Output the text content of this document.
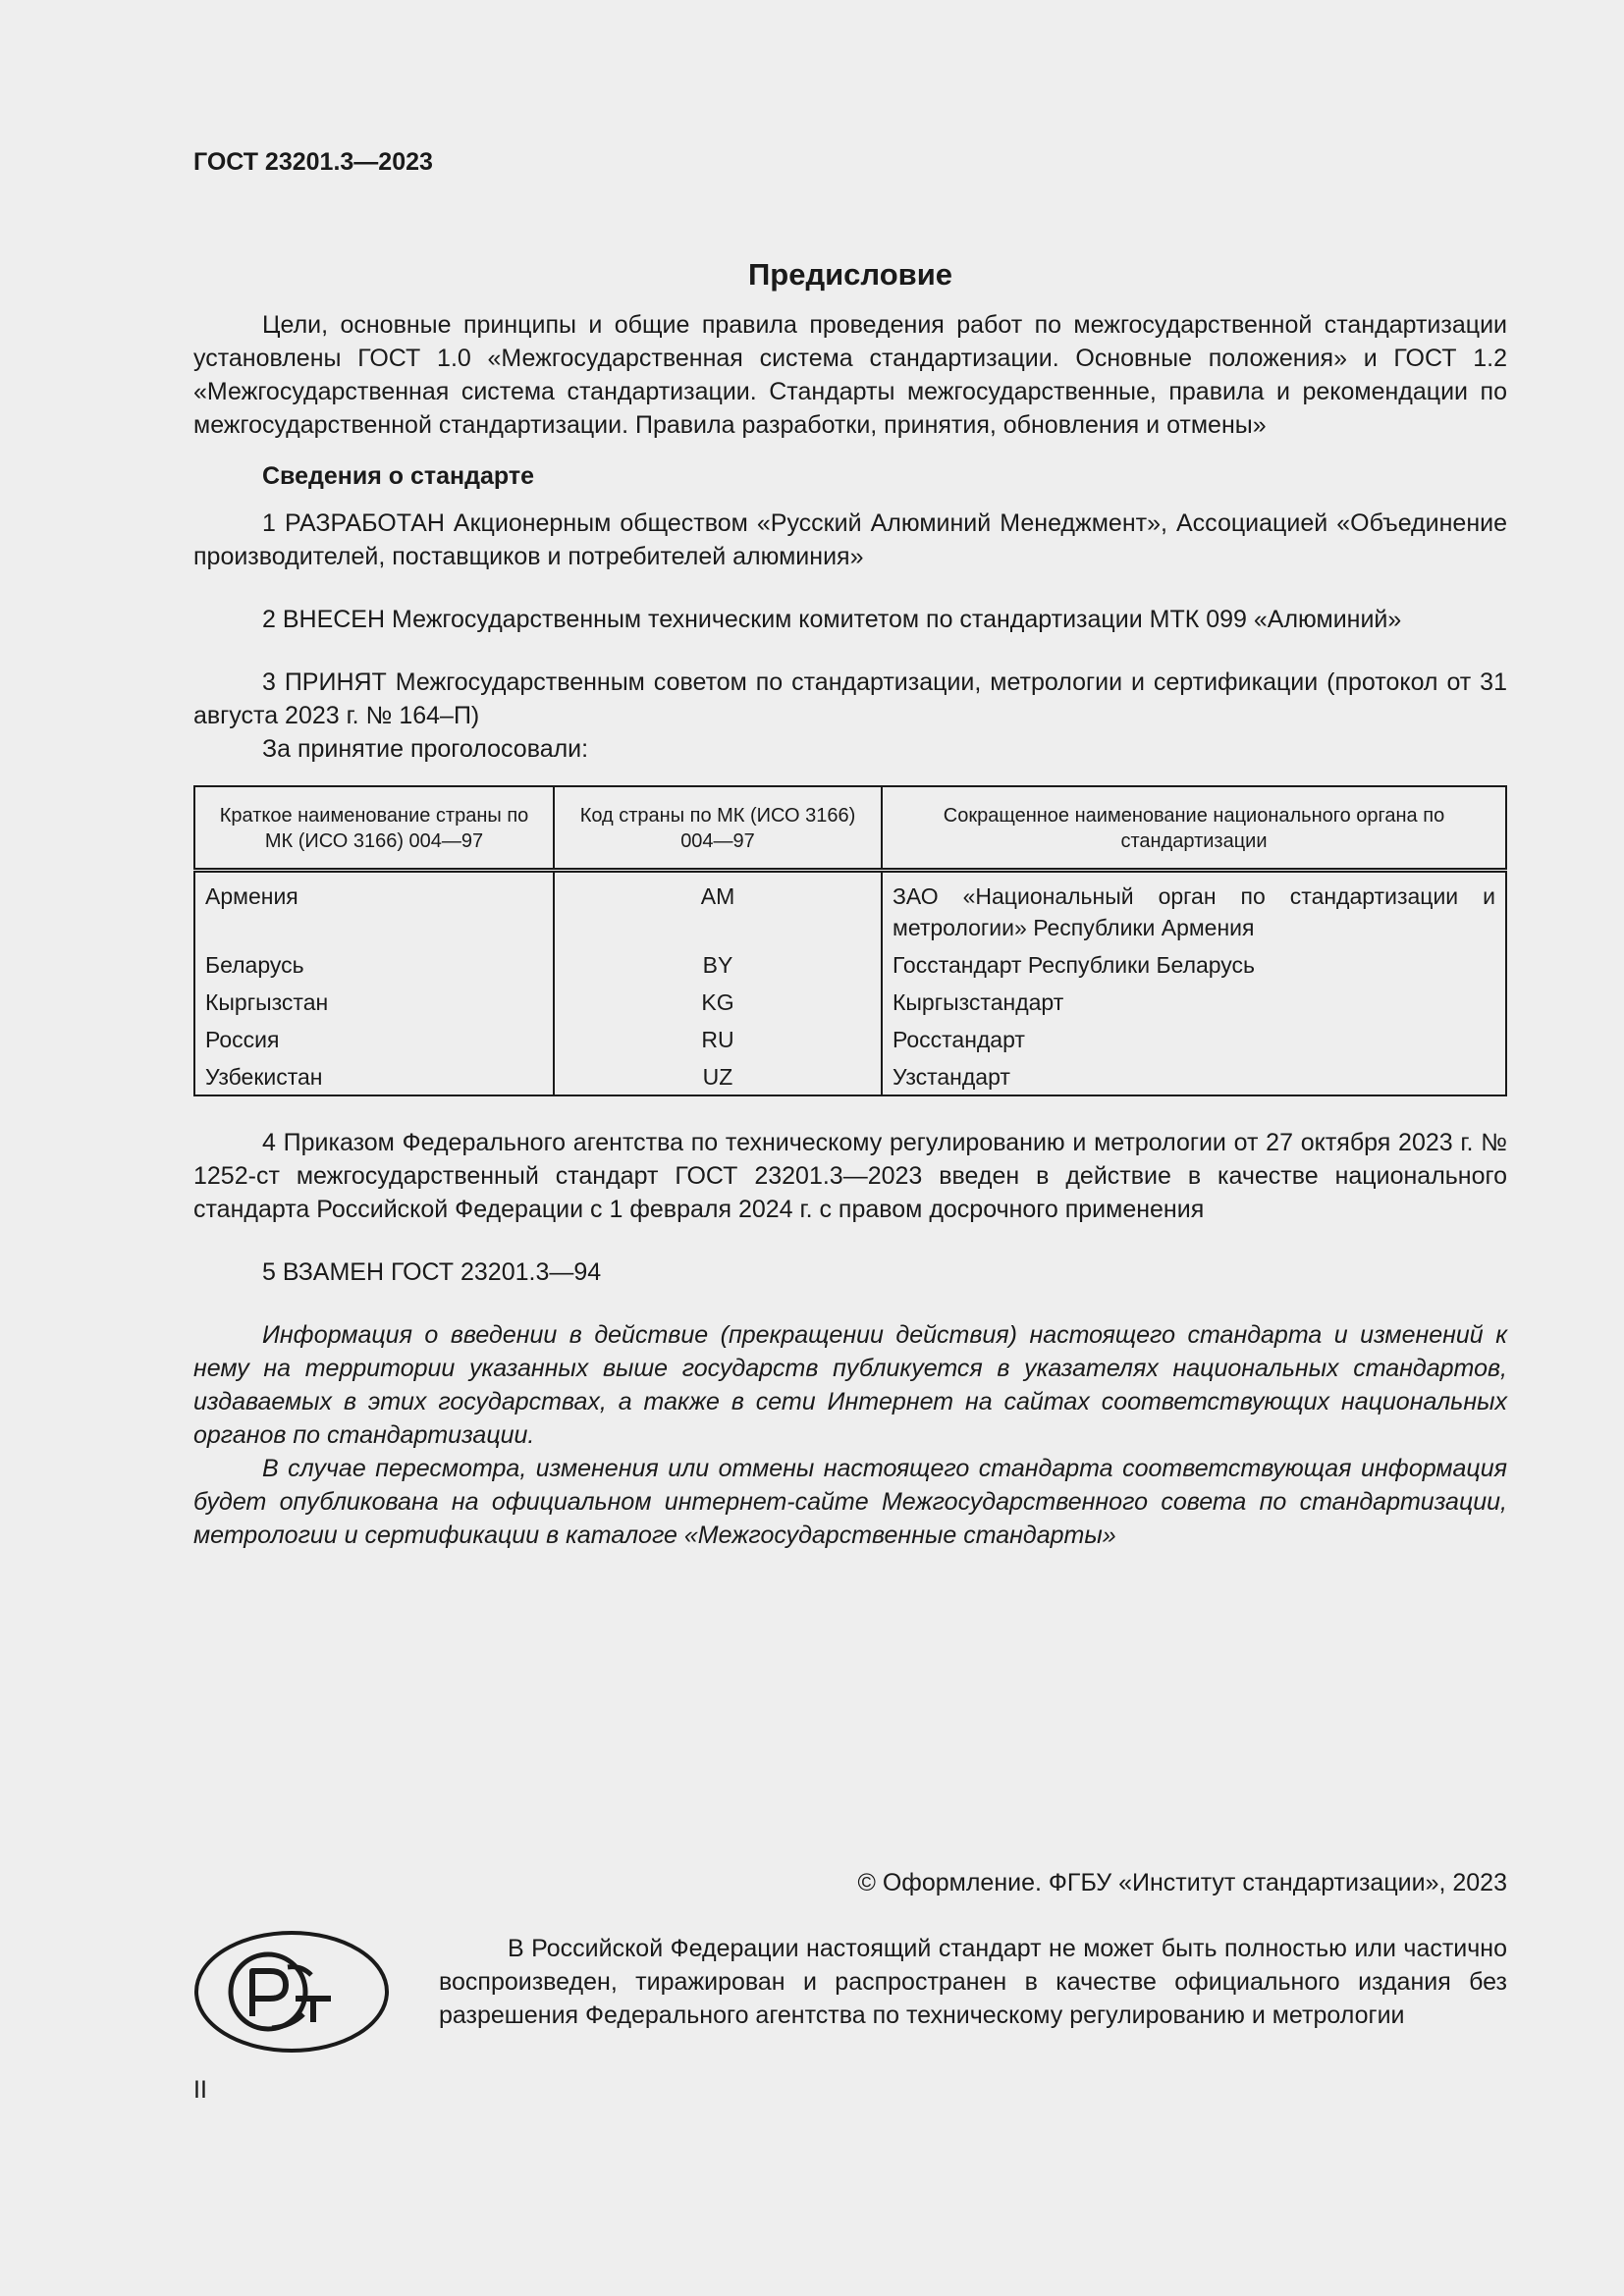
ГОСТ 23201.3—2023
Предисловие

Цели, основные принципы и общие правила проведения работ по межгосударственной стандартизации установлены ГОСТ 1.0 «Межгосударственная система стандартизации. Основные положения» и ГОСТ 1.2 «Межгосударственная система стандартизации. Стандарты межгосударственные, правила и рекомендации по межгосударственной стандартизации. Правила разработки, принятия, обновления и отмены»

Сведения о стандарте

1 РАЗРАБОТАН Акционерным обществом «Русский Алюминий Менеджмент», Ассоциацией «Объединение производителей, поставщиков и потребителей алюминия»

2 ВНЕСЕН Межгосударственным техническим комитетом по стандартизации МТК 099 «Алюминий»

3 ПРИНЯТ Межгосударственным советом по стандартизации, метрологии и сертификации (протокол от 31 августа 2023 г. № 164–П)

За принятие проголосовали:

Краткое наименование страны по МК (ИСО 3166) 004—97	Код страны по МК (ИСО 3166) 004—97	Сокращенное наименование национального органа по стандартизации
Армения	AM	ЗАО «Национальный орган по стандартизации и метрологии» Республики Армения
Беларусь	BY	Госстандарт Республики Беларусь
Кыргызстан	KG	Кыргызстандарт
Россия	RU	Росстандарт
Узбекистан	UZ	Узстандарт

4 Приказом Федерального агентства по техническому регулированию и метрологии от 27 октября 2023 г. № 1252-ст межгосударственный стандарт ГОСТ 23201.3—2023 введен в действие в качестве национального стандарта Российской Федерации с 1 февраля 2024 г. с правом досрочного применения

5 ВЗАМЕН ГОСТ 23201.3—94

Информация о введении в действие (прекращении действия) настоящего стандарта и изменений к нему на территории указанных выше государств публикуется в указателях национальных стандартов, издаваемых в этих государствах, а также в сети Интернет на сайтах соответствующих национальных органов по стандартизации.

В случае пересмотра, изменения или отмены настоящего стандарта соответствующая информация будет опубликована на официальном интернет-сайте Межгосударственного совета по стандартизации, метрологии и сертификации в каталоге «Межгосударственные стандарты»

© Оформление. ФГБУ «Институт стандартизации», 2023
В Российской Федерации настоящий стандарт не может быть полностью или частично воспроизведен, тиражирован и распространен в качестве официального издания без разрешения Федерального агентства по техническому регулированию и метрологии
II
